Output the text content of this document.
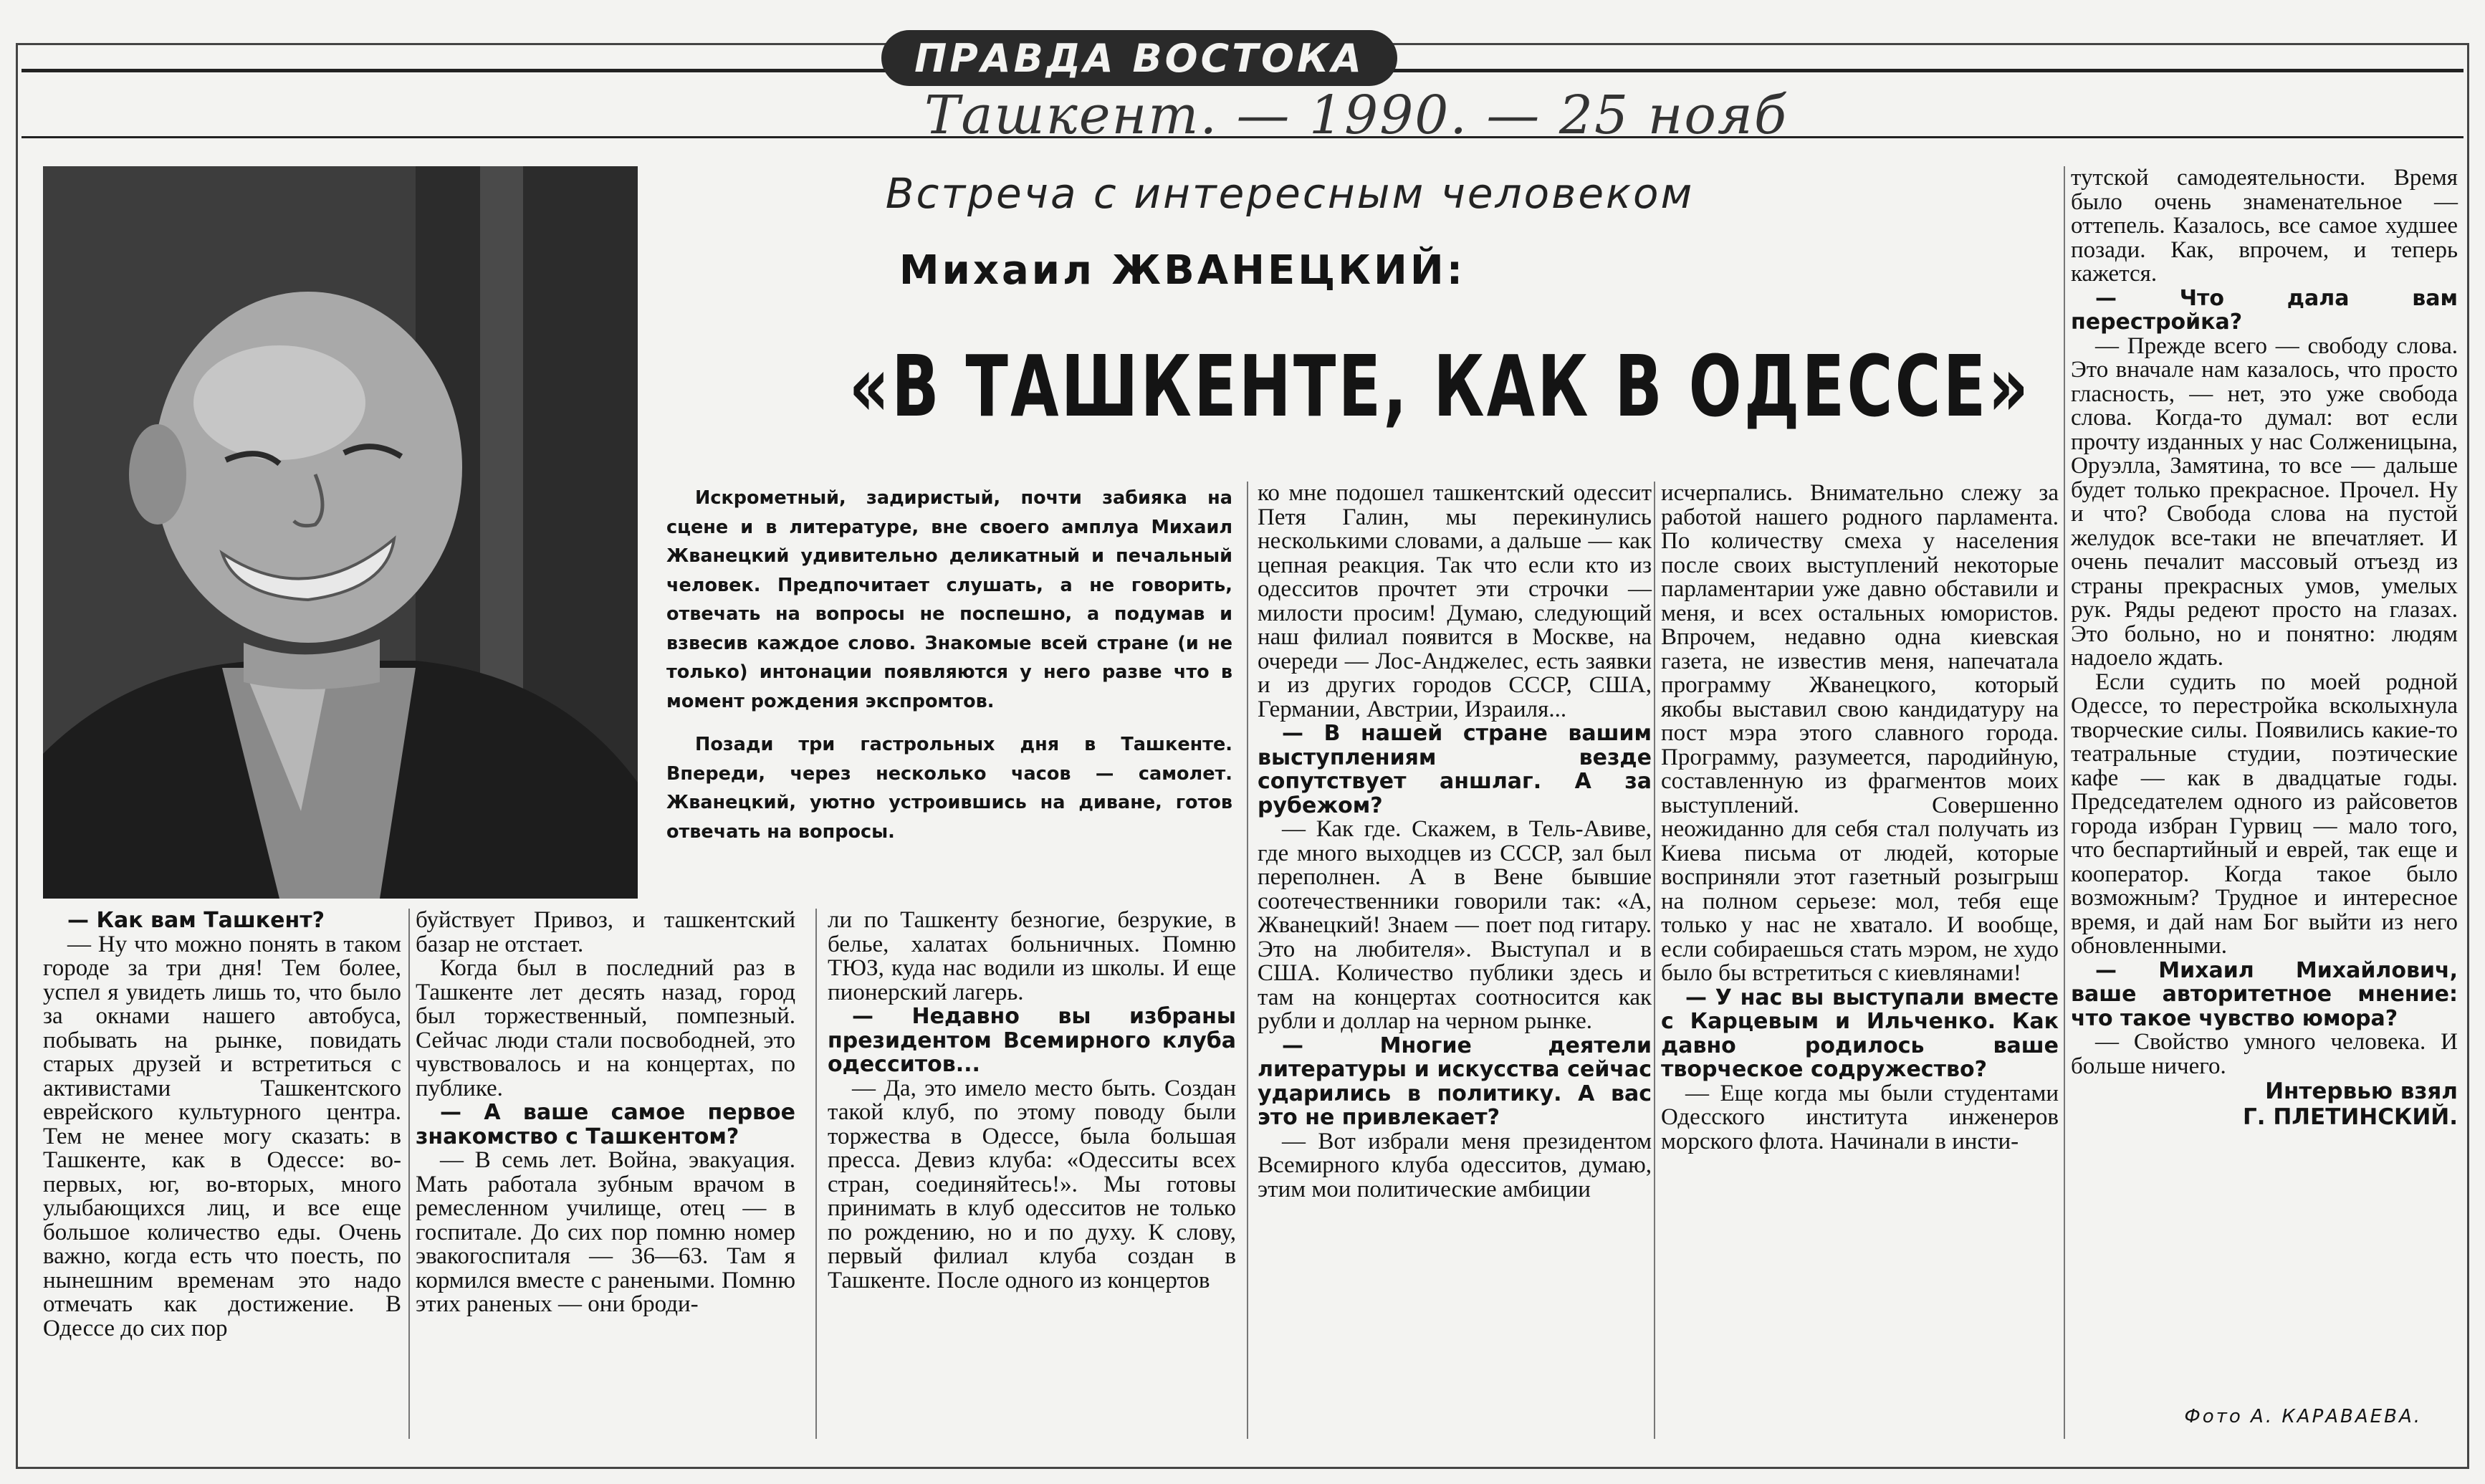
ПРАВДА ВОСТОКА
Ташкент. — 1990. — 25 нояб
Встреча с интересным человеком
Михаил ЖВАНЕЦКИЙ:
«В ТАШКЕНТЕ, КАК В ОДЕССЕ»

Искрометный, задиристый, почти забияка на сцене и в литературе, вне своего амплуа Михаил Жванецкий удивительно деликатный и печальный человек. Предпочитает слушать, а не говорить, отвечать на вопросы не поспешно, а подумав и взвесив каждое слово. Знакомые всей стране (и не только) интонации появляются у него разве что в момент рождения экспромтов.

Позади три гастрольных дня в Ташкенте. Впереди, через несколько часов — самолет. Жванецкий, уютно устроившись на диване, готов отвечать на вопросы.

— Как вам Ташкент?

— Ну что можно понять в таком городе за три дня! Тем более, успел я увидеть лишь то, что было за окнами нашего автобуса, побывать на рынке, повидать старых друзей и встретиться с активистами Ташкентского еврейского культурного центра. Тем не менее могу сказать: в Ташкенте, как в Одессе: во-первых, юг, во-вторых, много улыбающихся лиц, и все еще большое количество еды. Очень важно, когда есть что поесть, по нынешним временам это надо отмечать как достижение. В Одессе до сих пор

буйствует Привоз, и ташкентский базар не отстает.

Когда был в последний раз в Ташкенте лет десять назад, город был торжественный, помпезный. Сейчас люди стали посвободней, это чувствовалось и на концертах, по публике.

— А ваше самое первое знакомство с Ташкентом?

— В семь лет. Война, эвакуация. Мать работала зубным врачом в ремесленном училище, отец — в госпитале. До сих пор помню номер эвакогоспиталя — 36—63. Там я кормился вместе с ранеными. Помню этих раненых — они броди-

ли по Ташкенту безногие, безрукие, в белье, халатах больничных. Помню ТЮЗ, куда нас водили из школы. И еще пионерский лагерь.

— Недавно вы избраны президентом Всемирного клуба одесситов...

— Да, это имело место быть. Создан такой клуб, по этому поводу были торжества в Одессе, была большая пресса. Девиз клуба: «Одесситы всех стран, соединяйтесь!». Мы готовы принимать в клуб одесситов не только по рождению, но и по духу. К слову, первый филиал клуба создан в Ташкенте. После одного из концертов

ко мне подошел ташкентский одессит Петя Галин, мы перекинулись несколькими словами, а дальше — как цепная реакция. Так что если кто из одесситов прочтет эти строчки — милости просим! Думаю, следующий наш филиал появится в Москве, на очереди — Лос-Анджелес, есть заявки и из других городов СССР, США, Германии, Австрии, Израиля...

— В нашей стране вашим выступлениям везде сопутствует аншлаг. А за рубежом?

— Как где. Скажем, в Тель-Авиве, где много выходцев из СССР, зал был переполнен. А в Вене бывшие соотечественники говорили так: «А, Жванецкий! Знаем — поет под гитару. Это на любителя». Выступал и в США. Количество публики здесь и там на концертах соотносится как рубли и доллар на черном рынке.

— Многие деятели литературы и искусства сейчас ударились в политику. А вас это не привлекает?

— Вот избрали меня президентом Всемирного клуба одесситов, думаю, этим мои политические амбиции

исчерпались. Внимательно слежу за работой нашего родного парламента. По количеству смеха у населения после своих выступлений некоторые парламентарии уже давно обставили и меня, и всех остальных юмористов. Впрочем, недавно одна киевская газета, не известив меня, напечатала программу Жванецкого, который якобы выставил свою кандидатуру на пост мэра этого славного города. Программу, разумеется, пародийную, составленную из фрагментов моих выступлений. Совершенно неожиданно для себя стал получать из Киева письма от людей, которые восприняли этот газетный розыгрыш на полном серьезе: мол, тебя еще только у нас не хватало. И вообще, если собираешься стать мэром, не худо было бы встретиться с киевлянами!

— У нас вы выступали вместе с Карцевым и Ильченко. Как давно родилось ваше творческое содружество?

— Еще когда мы были студентами Одесского института инженеров морского флота. Начинали в инсти-

тутской самодеятельности. Время было очень знаменательное — оттепель. Казалось, все самое худшее позади. Как, впрочем, и теперь кажется.

— Что дала вам перестройка?

— Прежде всего — свободу слова. Это вначале нам казалось, что просто гласность, — нет, это уже свобода слова. Когда-то думал: вот если прочту изданных у нас Солженицына, Оруэлла, Замятина, то все — дальше будет только прекрасное. Прочел. Ну и что? Свобода слова на пустой желудок все-таки не впечатляет. И очень печалит массовый отъезд из страны прекрасных умов, умелых рук. Ряды редеют просто на глазах. Это больно, но и понятно: людям надоело ждать.

Если судить по моей родной Одессе, то перестройка всколыхнула творческие силы. Появились какие-то театральные студии, поэтические кафе — как в двадцатые годы. Председателем одного из райсоветов города избран Гурвиц — мало того, что беспартийный и еврей, так еще и кооператор. Когда такое было возможным? Трудное и интересное время, и дай нам Бог выйти из него обновленными.

— Михаил Михайлович, ваше авторитетное мнение: что такое чувство юмора?

— Свойство умного человека. И больше ничего.

Интервью взял
Г. ПЛЕТИНСКИЙ.
Фото А. КАРАВАЕВА.
